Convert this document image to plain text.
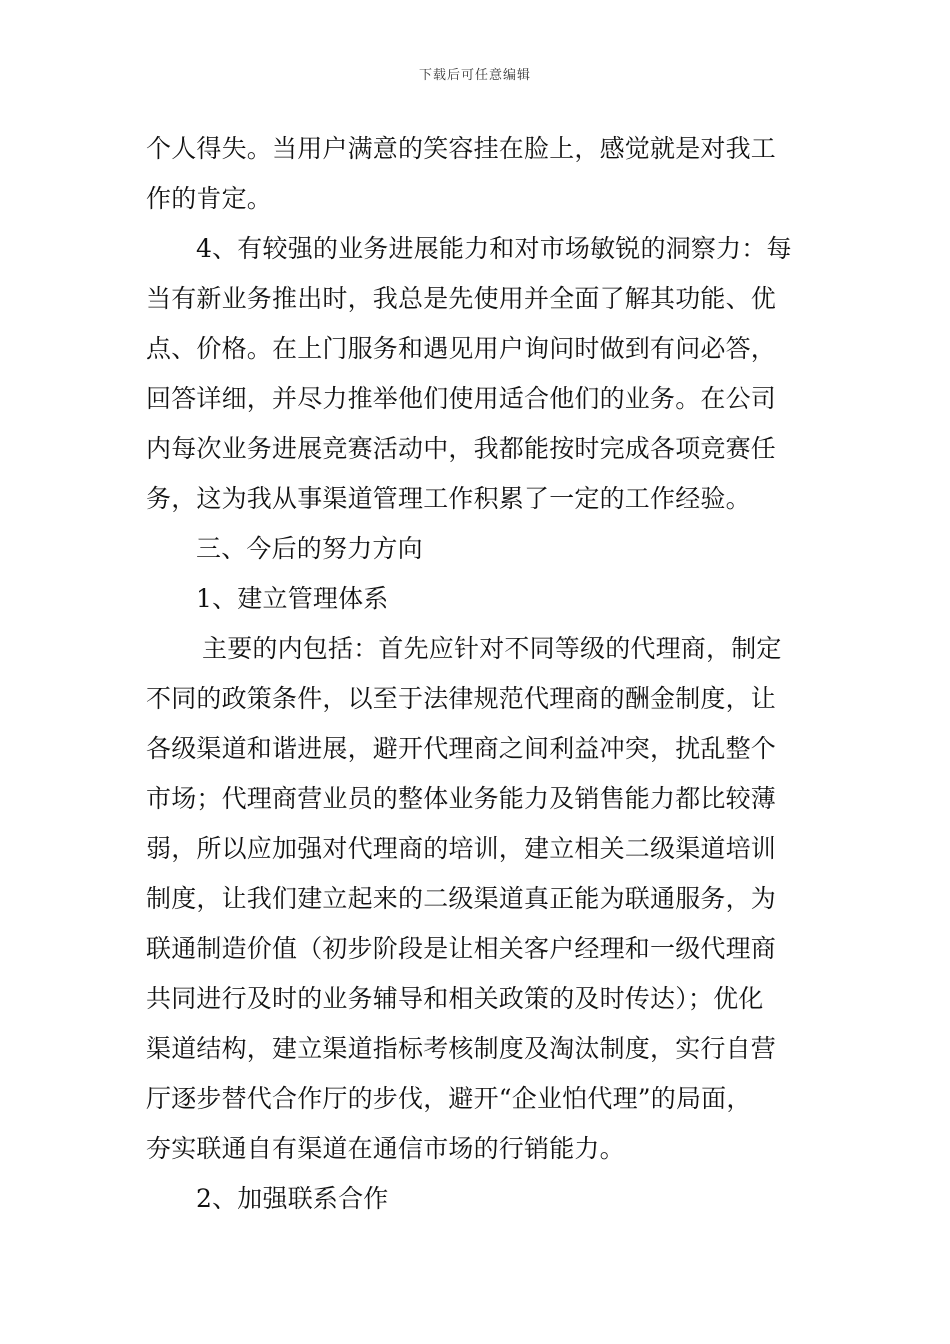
下载后可任意编辑
个人得失。当用户满意的笑容挂在脸上，感觉就是对我工
作的肯定。
4、有较强的业务进展能力和对市场敏锐的洞察力：每
当有新业务推出时，我总是先使用并全面了解其功能、优
点、价格。在上门服务和遇见用户询问时做到有问必答，
回答详细，并尽力推举他们使用适合他们的业务。在公司
内每次业务进展竞赛活动中，我都能按时完成各项竞赛任
务，这为我从事渠道管理工作积累了一定的工作经验。
三、今后的努力方向
1、建立管理体系
主要的内包括：首先应针对不同等级的代理商，制定
不同的政策条件，以至于法律规范代理商的酬金制度，让
各级渠道和谐进展，避开代理商之间利益冲突，扰乱整个
市场；代理商营业员的整体业务能力及销售能力都比较薄
弱，所以应加强对代理商的培训，建立相关二级渠道培训
制度，让我们建立起来的二级渠道真正能为联通服务，为
联通制造价值（初步阶段是让相关客户经理和一级代理商
共同进行及时的业务辅导和相关政策的及时传达）；优化
渠道结构，建立渠道指标考核制度及淘汰制度，实行自营
厅逐步替代合作厅的步伐，避开“企业怕代理”的局面，
夯实联通自有渠道在通信市场的行销能力。
2、加强联系合作
